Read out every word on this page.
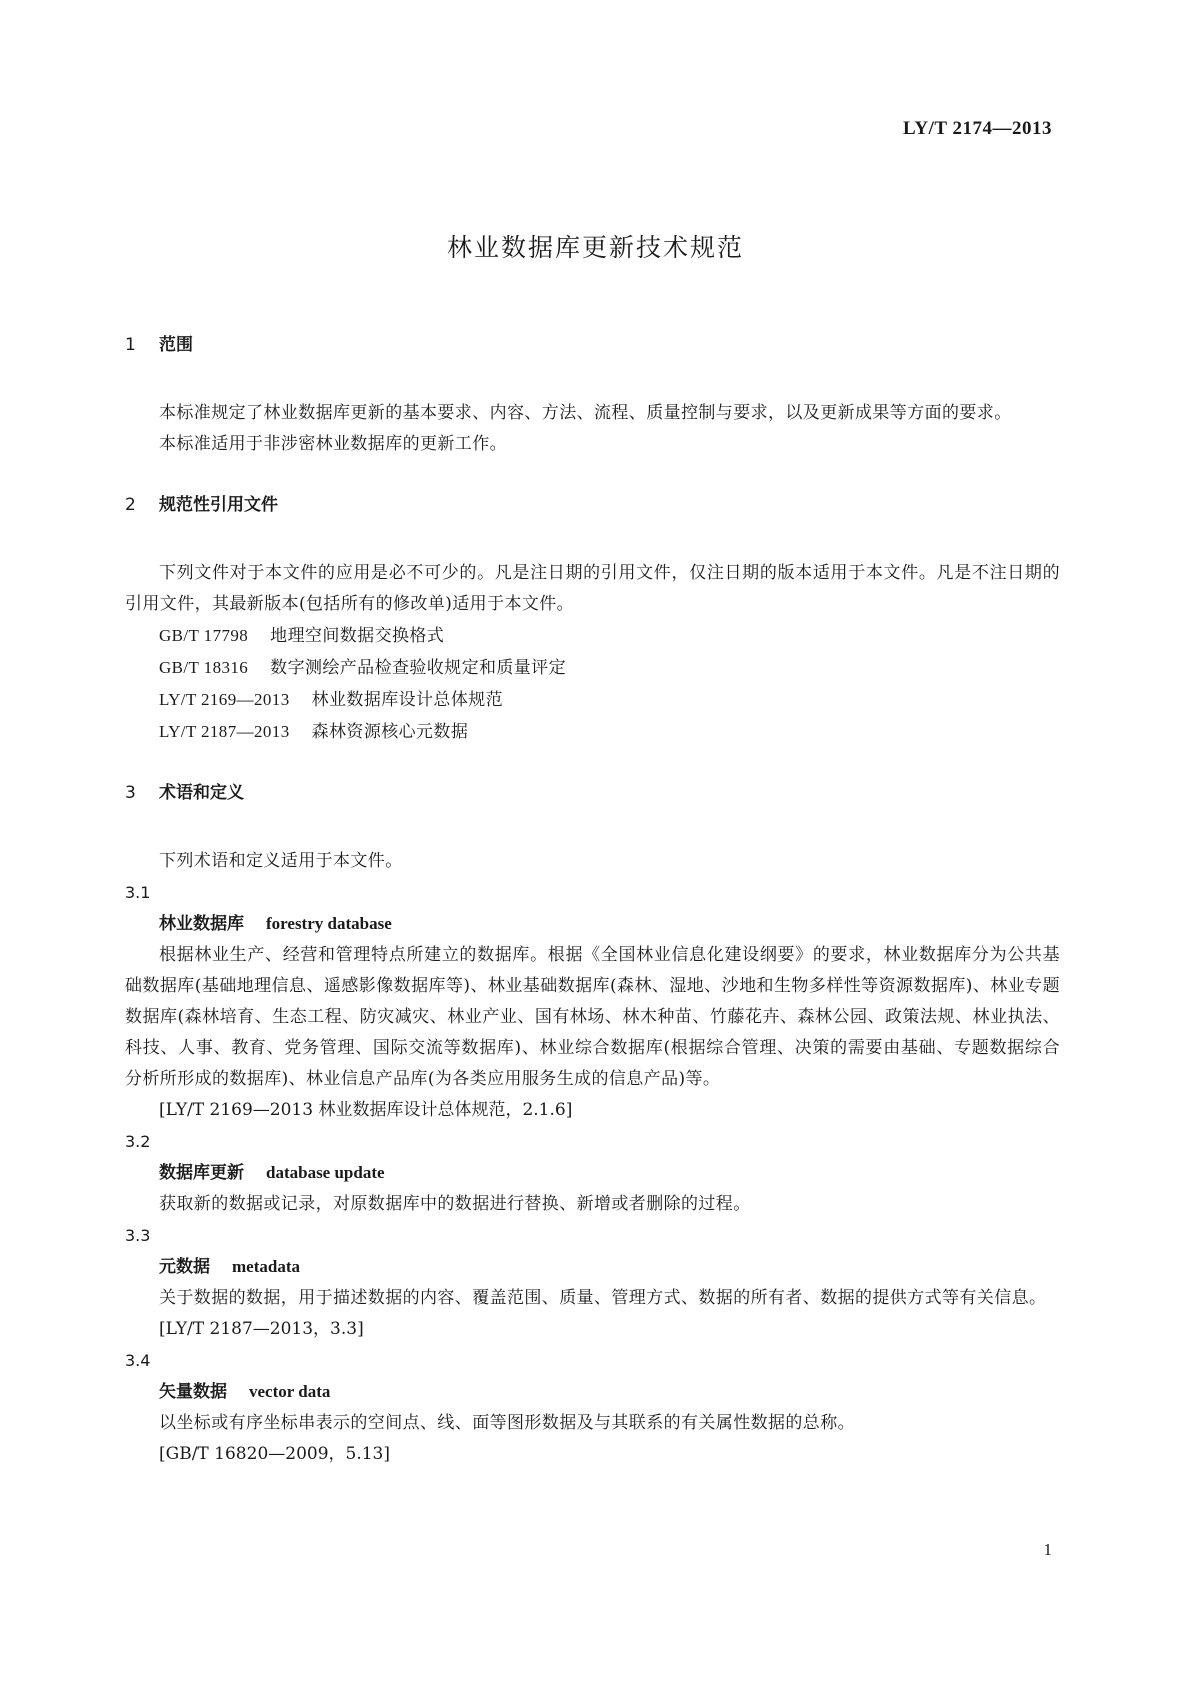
LY/T 2174—2013
林业数据库更新技术规范
1 范围
本标准规定了林业数据库更新的基本要求、内容、方法、流程、质量控制与要求，以及更新成果等方面的要求。
本标准适用于非涉密林业数据库的更新工作。
2 规范性引用文件
下列文件对于本文件的应用是必不可少的。凡是注日期的引用文件，仅注日期的版本适用于本文件。凡是不注日期的引用文件，其最新版本(包括所有的修改单)适用于本文件。
GB/T 17798 地理空间数据交换格式
GB/T 18316 数字测绘产品检查验收规定和质量评定
LY/T 2169—2013 林业数据库设计总体规范
LY/T 2187—2013 森林资源核心元数据
3 术语和定义
下列术语和定义适用于本文件。
3.1
林业数据库 forestry database
根据林业生产、经营和管理特点所建立的数据库。根据《全国林业信息化建设纲要》的要求，林业数据库分为公共基础数据库(基础地理信息、遥感影像数据库等)、林业基础数据库(森林、湿地、沙地和生物多样性等资源数据库)、林业专题数据库(森林培育、生态工程、防灾减灾、林业产业、国有林场、林木种苗、竹藤花卉、森林公园、政策法规、林业执法、科技、人事、教育、党务管理、国际交流等数据库)、林业综合数据库(根据综合管理、决策的需要由基础、专题数据综合分析所形成的数据库)、林业信息产品库(为各类应用服务生成的信息产品)等。
[LY/T 2169—2013 林业数据库设计总体规范，2.1.6]
3.2
数据库更新 database update
获取新的数据或记录，对原数据库中的数据进行替换、新增或者删除的过程。
3.3
元数据 metadata
关于数据的数据，用于描述数据的内容、覆盖范围、质量、管理方式、数据的所有者、数据的提供方式等有关信息。
[LY/T 2187—2013，3.3]
3.4
矢量数据 vector data
以坐标或有序坐标串表示的空间点、线、面等图形数据及与其联系的有关属性数据的总称。
[GB/T 16820—2009，5.13]
1
